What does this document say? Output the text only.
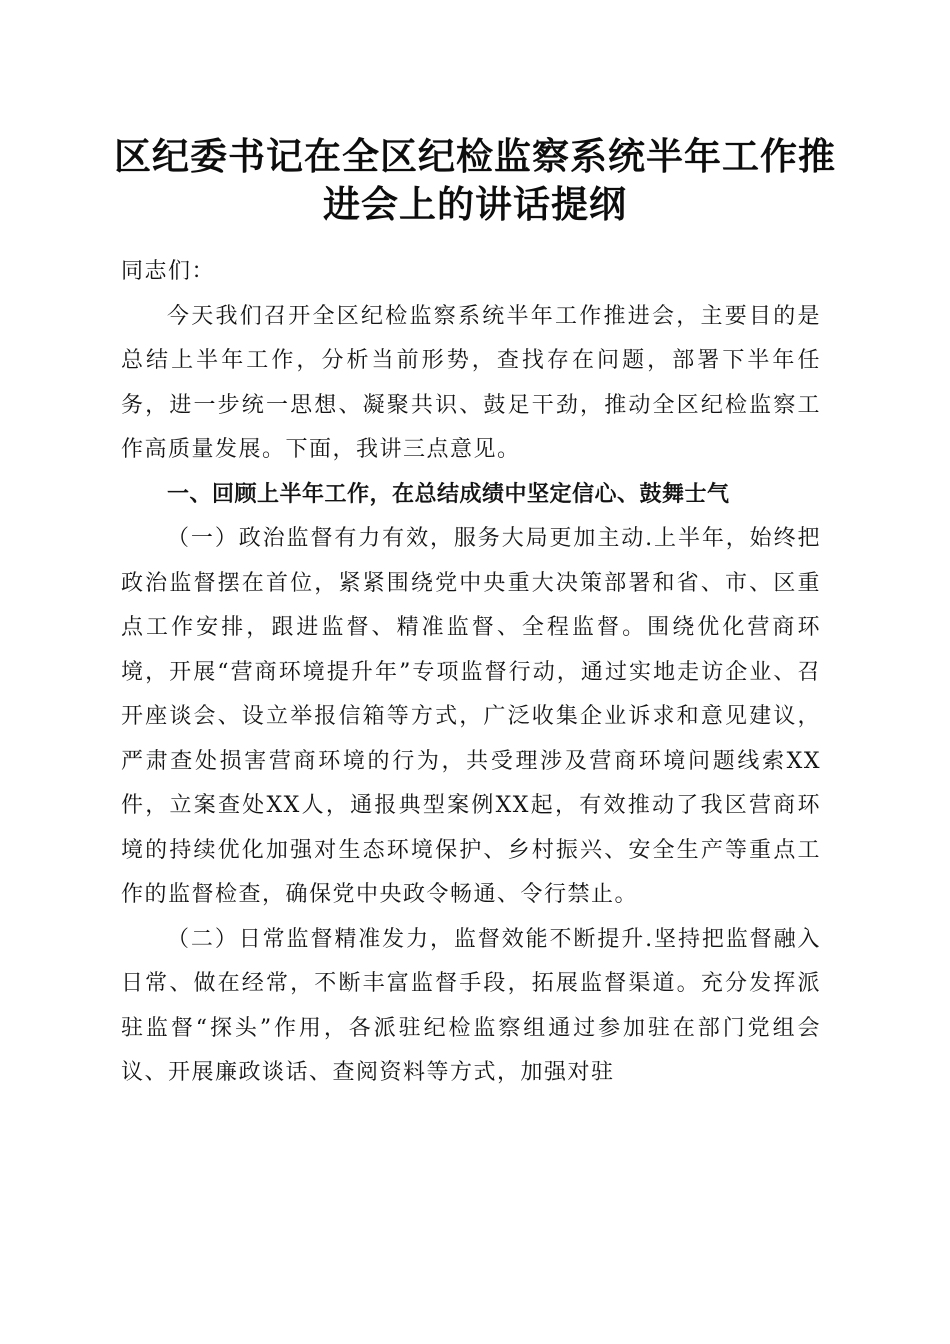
区纪委书记在全区纪检监察系统半年工作推进会上的讲话提纲

同志们：

今天我们召开全区纪检监察系统半年工作推进会，主要目的是总结上半年工作，分析当前形势，查找存在问题，部署下半年任务，进一步统一思想、凝聚共识、鼓足干劲，推动全区纪检监察工作高质量发展。下面，我讲三点意见。

一、回顾上半年工作，在总结成绩中坚定信心、鼓舞士气

（一）政治监督有力有效，服务大局更加主动.上半年，始终把政治监督摆在首位，紧紧围绕党中央重大决策部署和省、市、区重点工作安排，跟进监督、精准监督、全程监督。围绕优化营商环境，开展“营商环境提升年”专项监督行动，通过实地走访企业、召开座谈会、设立举报信箱等方式，广泛收集企业诉求和意见建议，严肃查处损害营商环境的行为，共受理涉及营商环境问题线索XX件，立案查处XX人，通报典型案例XX起，有效推动了我区营商环境的持续优化加强对生态环境保护、乡村振兴、安全生产等重点工作的监督检查，确保党中央政令畅通、令行禁止。

（二）日常监督精准发力，监督效能不断提升.坚持把监督融入日常、做在经常，不断丰富监督手段，拓展监督渠道。充分发挥派驻监督“探头”作用，各派驻纪检监察组通过参加驻在部门党组会议、开展廉政谈话、查阅资料等方式，加强对驻
